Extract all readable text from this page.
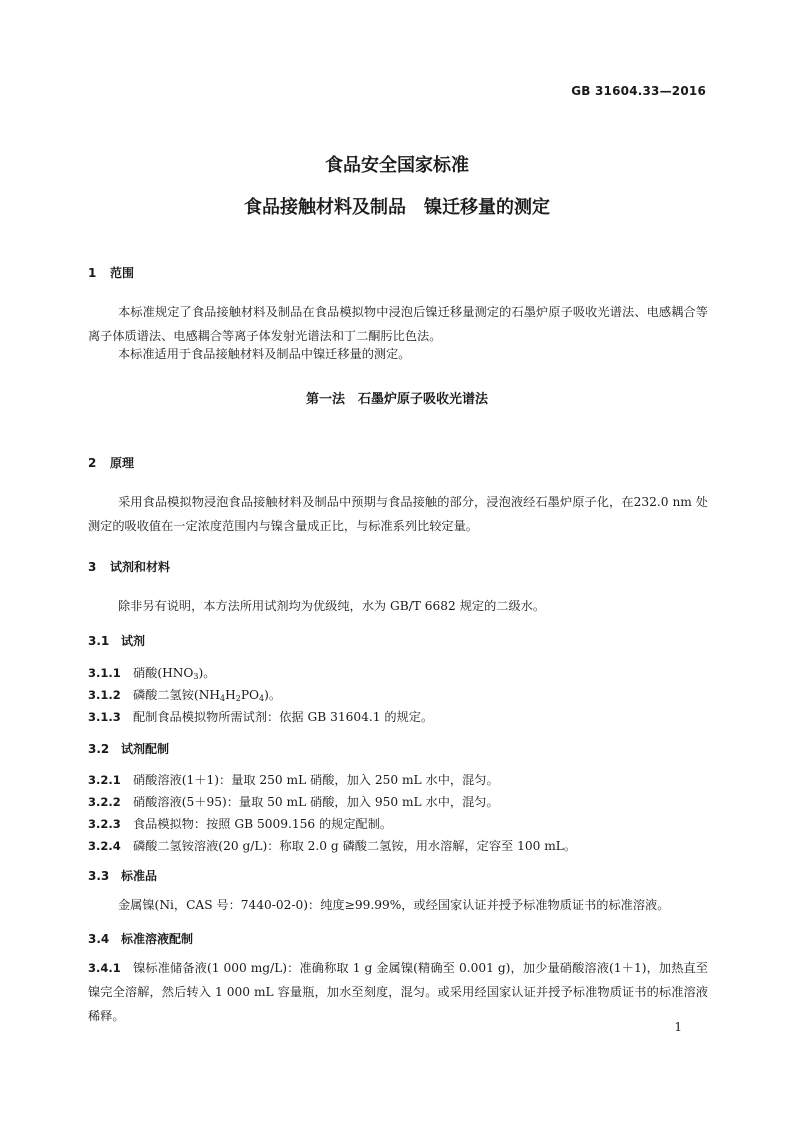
GB 31604.33—2016
食品安全国家标准
食品接触材料及制品　镍迁移量的测定
1 范围
本标准规定了食品接触材料及制品在食品模拟物中浸泡后镍迁移量测定的石墨炉原子吸收光谱法、电感耦合等离子体质谱法、电感耦合等离子体发射光谱法和丁二酮肟比色法。
本标准适用于食品接触材料及制品中镍迁移量的测定。
第一法　石墨炉原子吸收光谱法
2 原理
采用食品模拟物浸泡食品接触材料及制品中预期与食品接触的部分，浸泡液经石墨炉原子化，在232.0 nm 处测定的吸收值在一定浓度范围内与镍含量成正比，与标准系列比较定量。
3 试剂和材料
除非另有说明，本方法所用试剂均为优级纯，水为 GB/T 6682 规定的二级水。
3.1 试剂
3.1.1 硝酸$(HNO_3)$。
3.1.2 磷酸二氢铵$(NH_4H_2PO_4)$。
3.1.3 配制食品模拟物所需试剂：依据 GB 31604.1 的规定。
3.2 试剂配制
3.2.1 硝酸溶液(1＋1)：量取 250 mL 硝酸，加入 250 mL 水中，混匀。
3.2.2 硝酸溶液(5＋95)：量取 50 mL 硝酸，加入 950 mL 水中，混匀。
3.2.3 食品模拟物：按照 GB 5009.156 的规定配制。
3.2.4 磷酸二氢铵溶液(20 g/L)：称取 2.0 g 磷酸二氢铵，用水溶解，定容至 100 mL。
3.3 标准品
金属镍(Ni，CAS 号：7440-02-0)：纯度≥99.99%，或经国家认证并授予标准物质证书的标准溶液。
3.4 标准溶液配制
3.4.1 镍标准储备液(1 000 mg/L)：准确称取 1 g 金属镍(精确至 0.001 g)，加少量硝酸溶液(1＋1)，加热直至镍完全溶解，然后转入 1 000 mL 容量瓶，加水至刻度，混匀。或采用经国家认证并授予标准物质证书的标准溶液稀释。
1
